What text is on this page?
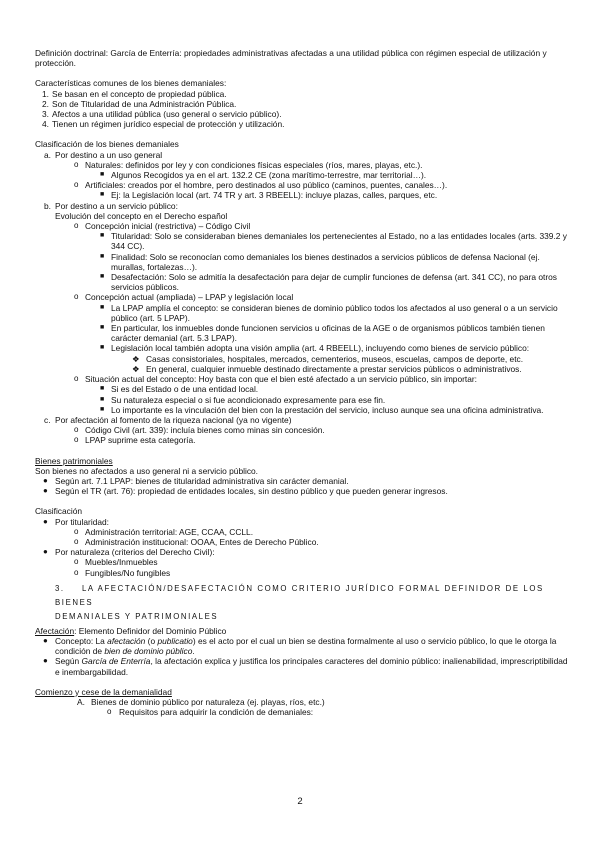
Definición doctrinal: García de Enterría: propiedades administrativas afectadas a una utilidad pública con régimen especial de utilización y protección.

Características comunes de los bienes demaniales:

1. Se basan en el concepto de propiedad pública.
2. Son de Titularidad de una Administración Pública.
3. Afectos a una utilidad pública (uso general o servicio público).
4. Tienen un régimen jurídico especial de protección y utilización.

Clasificación de los bienes demaniales

a. Por destino a un uso general
o Naturales: definidos por ley y con condiciones físicas especiales (ríos, mares, playas, etc.).
■ Algunos Recogidos ya en el art. 132.2 CE (zona marítimo-terrestre, mar territorial…).
o Artificiales: creados por el hombre, pero destinados al uso público (caminos, puentes, canales…).
■ Ej: la Legislación local (art. 74 TR y art. 3 RBEELL): incluye plazas, calles, parques, etc.
b. Por destino a un servicio público:
Evolución del concepto en el Derecho español
o Concepción inicial (restrictiva) – Código Civil
■ Titularidad: Solo se consideraban bienes demaniales los pertenecientes al Estado, no a las entidades locales (arts. 339.2 y 344 CC).
■ Finalidad: Solo se reconocían como demaniales los bienes destinados a servicios públicos de defensa Nacional (ej. murallas, fortalezas…).
■ Desafectación: Solo se admitía la desafectación para dejar de cumplir funciones de defensa (art. 341 CC), no para otros servicios públicos.
o Concepción actual (ampliada) – LPAP y legislación local
■ La LPAP amplía el concepto: se consideran bienes de dominio público todos los afectados al uso general o a un servicio público (art. 5 LPAP).
■ En particular, los inmuebles donde funcionen servicios u oficinas de la AGE o de organismos públicos también tienen carácter demanial (art. 5.3 LPAP).
■ Legislación local también adopta una visión amplia (art. 4 RBEELL), incluyendo como bienes de servicio público:
❖ Casas consistoriales, hospitales, mercados, cementerios, museos, escuelas, campos de deporte, etc.
❖ En general, cualquier inmueble destinado directamente a prestar servicios públicos o administrativos.
o Situación actual del concepto: Hoy basta con que el bien esté afectado a un servicio público, sin importar:
■ Si es del Estado o de una entidad local.
■ Su naturaleza especial o si fue acondicionado expresamente para ese fin.
■ Lo importante es la vinculación del bien con la prestación del servicio, incluso aunque sea una oficina administrativa.
c. Por afectación al fomento de la riqueza nacional (ya no vigente)
o Código Civil (art. 339): incluía bienes como minas sin concesión.
o LPAP suprime esta categoría.

Bienes patrimoniales

Son bienes no afectados a uso general ni a servicio público.

● Según art. 7.1 LPAP: bienes de titularidad administrativa sin carácter demanial.
● Según el TR (art. 76): propiedad de entidades locales, sin destino público y que pueden generar ingresos.

Clasificación

● Por titularidad:
o Administración territorial: AGE, CCAA, CCLL.
o Administración institucional: OOAA, Entes de Derecho Público.
● Por naturaleza (criterios del Derecho Civil):
o Muebles/Inmuebles
o Fungibles/No fungibles
3. LA AFECTACIÓN/DESAFECTACIÓN COMO CRITERIO JURÍDICO FORMAL DEFINIDOR DE LOS BIENES
DEMANIALES Y PATRIMONIALES

Afectación: Elemento Definidor del Dominio Público

● Concepto: La afectación (o publicatio) es el acto por el cual un bien se destina formalmente al uso o servicio público, lo que le otorga la condición de bien de dominio público.
● Según García de Enterría, la afectación explica y justifica los principales caracteres del dominio público: inalienabilidad, imprescriptibilidad e inembargabilidad.

Comienzo y cese de la demanialidad

A. Bienes de dominio público por naturaleza (ej. playas, ríos, etc.)
o Requisitos para adquirir la condición de demaniales:
2
